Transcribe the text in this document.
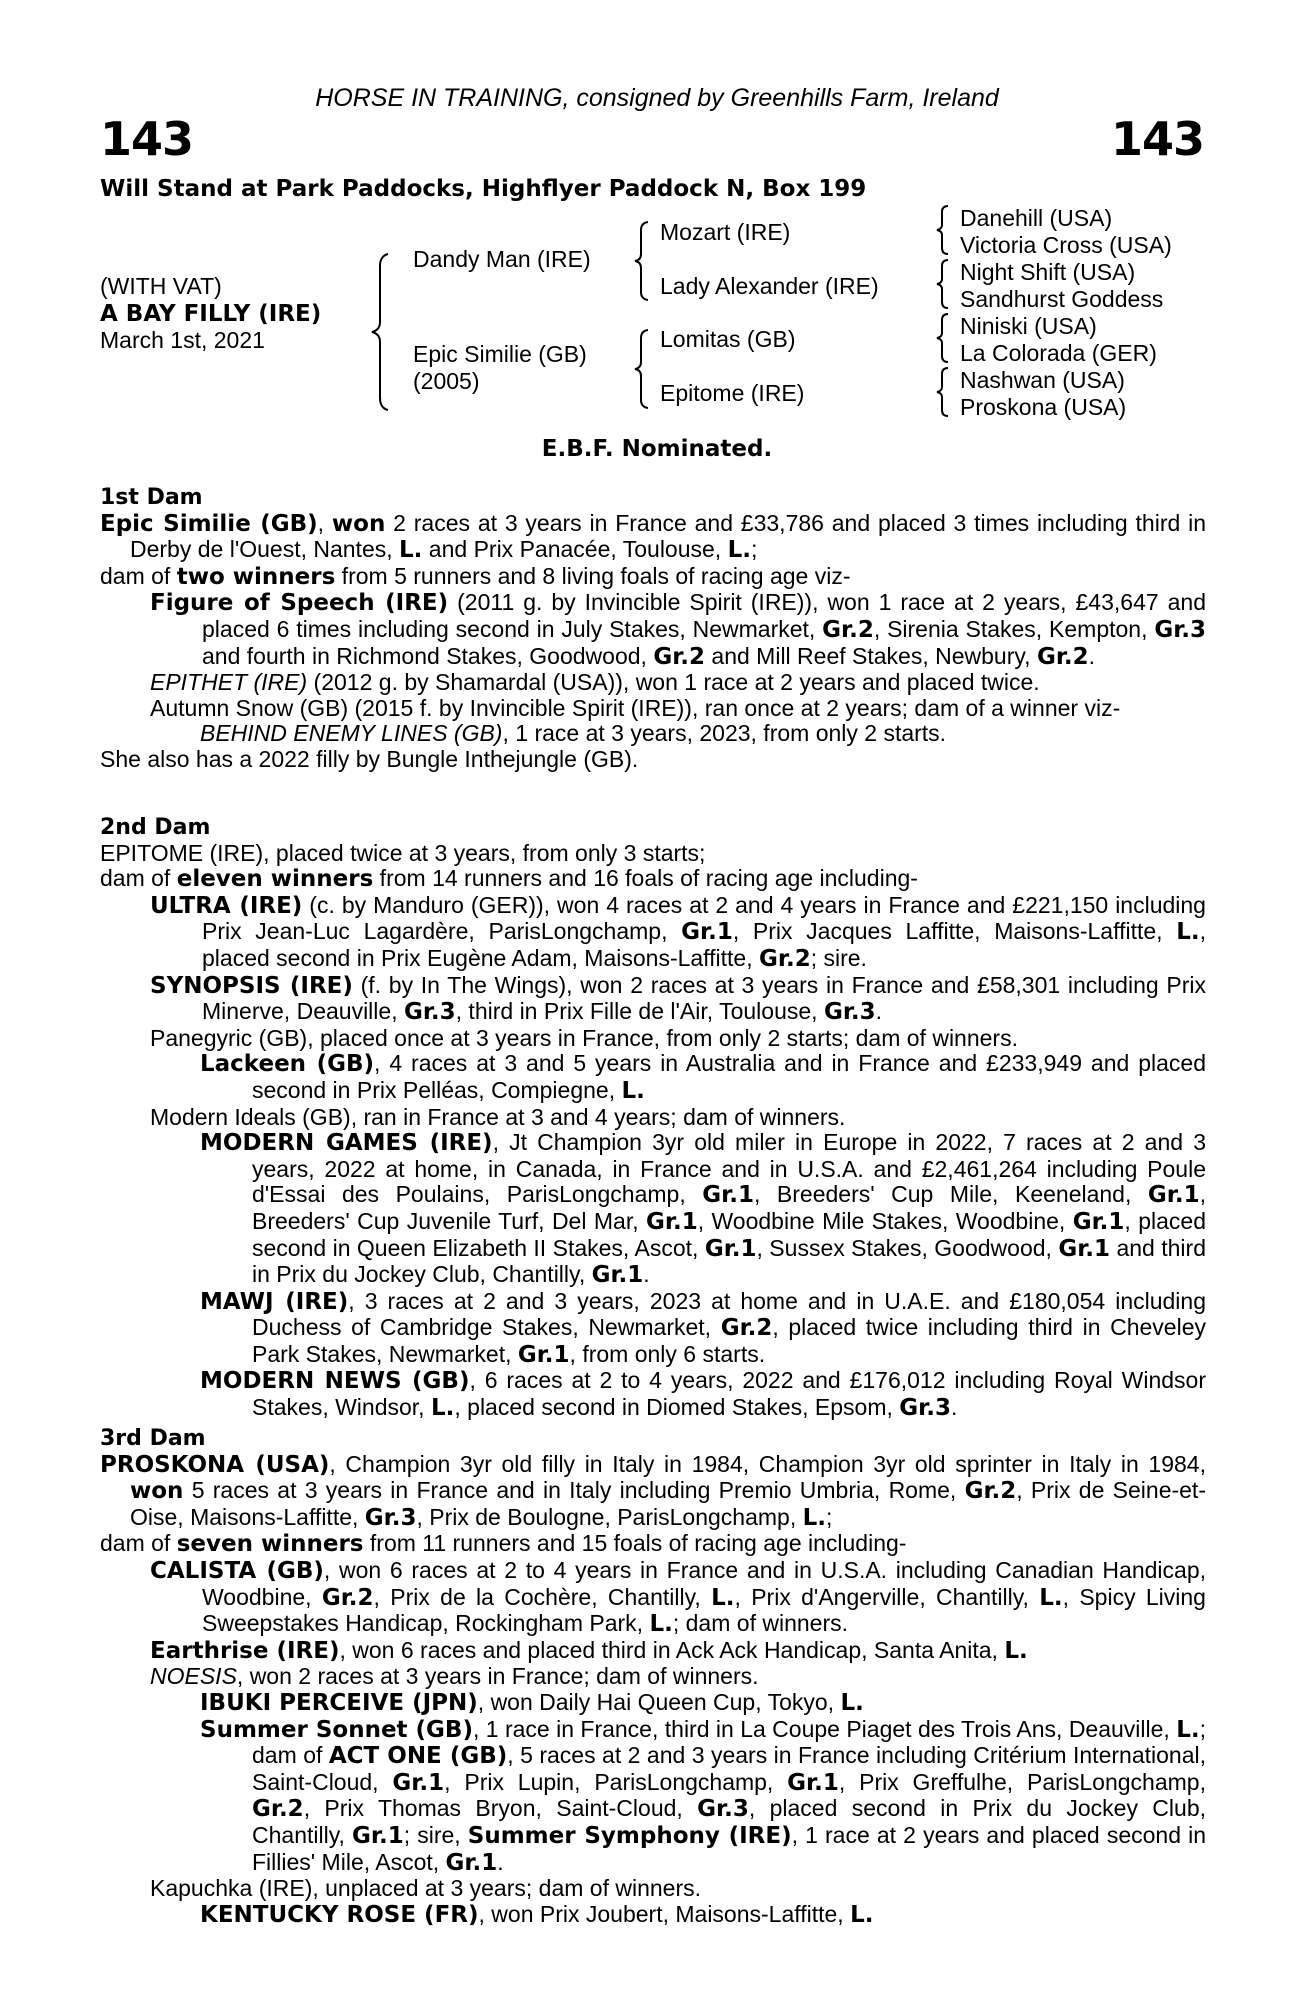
HORSE IN TRAINING, consigned by Greenhills Farm, Ireland
143	143
Will Stand at Park Paddocks, Highflyer Paddock N, Box 199
(WITH VAT)
A BAY FILLY (IRE)
March 1st, 2021
Dandy Man (IRE)
Epic Similie (GB)
(2005)
Mozart (IRE)
Lady Alexander (IRE)
Lomitas (GB)
Epitome (IRE)
Danehill (USA)
Victoria Cross (USA)
Night Shift (USA)
Sandhurst Goddess
Niniski (USA)
La Colorada (GER)
Nashwan (USA)
Proskona (USA)
E.B.F. Nominated.
1st Dam
Epic Similie (GB), won 2 races at 3 years in France and £33,786 and placed 3 times including third in Derby de l'Ouest, Nantes, L. and Prix Panacée, Toulouse, L.;
dam of two winners from 5 runners and 8 living foals of racing age viz-
Figure of Speech (IRE) (2011 g. by Invincible Spirit (IRE)), won 1 race at 2 years, £43,647 and placed 6 times including second in July Stakes, Newmarket, Gr.2, Sirenia Stakes, Kempton, Gr.3 and fourth in Richmond Stakes, Goodwood, Gr.2 and Mill Reef Stakes, Newbury, Gr.2.
EPITHET (IRE) (2012 g. by Shamardal (USA)), won 1 race at 2 years and placed twice.
Autumn Snow (GB) (2015 f. by Invincible Spirit (IRE)), ran once at 2 years; dam of a winner viz-
BEHIND ENEMY LINES (GB), 1 race at 3 years, 2023, from only 2 starts.
She also has a 2022 filly by Bungle Inthejungle (GB).
2nd Dam
EPITOME (IRE), placed twice at 3 years, from only 3 starts;
dam of eleven winners from 14 runners and 16 foals of racing age including-
ULTRA (IRE) (c. by Manduro (GER)), won 4 races at 2 and 4 years in France and £221,150 including Prix Jean-Luc Lagardère, ParisLongchamp, Gr.1, Prix Jacques Laffitte, Maisons-Laffitte, L., placed second in Prix Eugène Adam, Maisons-Laffitte, Gr.2; sire.
SYNOPSIS (IRE) (f. by In The Wings), won 2 races at 3 years in France and £58,301 including Prix Minerve, Deauville, Gr.3, third in Prix Fille de l'Air, Toulouse, Gr.3.
Panegyric (GB), placed once at 3 years in France, from only 2 starts; dam of winners.
Lackeen (GB), 4 races at 3 and 5 years in Australia and in France and £233,949 and placed second in Prix Pelléas, Compiegne, L.
Modern Ideals (GB), ran in France at 3 and 4 years; dam of winners.
MODERN GAMES (IRE), Jt Champion 3yr old miler in Europe in 2022, 7 races at 2 and 3 years, 2022 at home, in Canada, in France and in U.S.A. and £2,461,264 including Poule d'Essai des Poulains, ParisLongchamp, Gr.1, Breeders' Cup Mile, Keeneland, Gr.1, Breeders' Cup Juvenile Turf, Del Mar, Gr.1, Woodbine Mile Stakes, Woodbine, Gr.1, placed second in Queen Elizabeth II Stakes, Ascot, Gr.1, Sussex Stakes, Goodwood, Gr.1 and third in Prix du Jockey Club, Chantilly, Gr.1.
MAWJ (IRE), 3 races at 2 and 3 years, 2023 at home and in U.A.E. and £180,054 including Duchess of Cambridge Stakes, Newmarket, Gr.2, placed twice including third in Cheveley Park Stakes, Newmarket, Gr.1, from only 6 starts.
MODERN NEWS (GB), 6 races at 2 to 4 years, 2022 and £176,012 including Royal Windsor Stakes, Windsor, L., placed second in Diomed Stakes, Epsom, Gr.3.
3rd Dam
PROSKONA (USA), Champion 3yr old filly in Italy in 1984, Champion 3yr old sprinter in Italy in 1984, won 5 races at 3 years in France and in Italy including Premio Umbria, Rome, Gr.2, Prix de Seine-et-Oise, Maisons-Laffitte, Gr.3, Prix de Boulogne, ParisLongchamp, L.;
dam of seven winners from 11 runners and 15 foals of racing age including-
CALISTA (GB), won 6 races at 2 to 4 years in France and in U.S.A. including Canadian Handicap, Woodbine, Gr.2, Prix de la Cochère, Chantilly, L., Prix d'Angerville, Chantilly, L., Spicy Living Sweepstakes Handicap, Rockingham Park, L.; dam of winners.
Earthrise (IRE), won 6 races and placed third in Ack Ack Handicap, Santa Anita, L.
NOESIS, won 2 races at 3 years in France; dam of winners.
IBUKI PERCEIVE (JPN), won Daily Hai Queen Cup, Tokyo, L.
Summer Sonnet (GB), 1 race in France, third in La Coupe Piaget des Trois Ans, Deauville, L.; dam of ACT ONE (GB), 5 races at 2 and 3 years in France including Critérium International, Saint-Cloud, Gr.1, Prix Lupin, ParisLongchamp, Gr.1, Prix Greffulhe, ParisLongchamp, Gr.2, Prix Thomas Bryon, Saint-Cloud, Gr.3, placed second in Prix du Jockey Club, Chantilly, Gr.1; sire, Summer Symphony (IRE), 1 race at 2 years and placed second in Fillies' Mile, Ascot, Gr.1.
Kapuchka (IRE), unplaced at 3 years; dam of winners.
KENTUCKY ROSE (FR), won Prix Joubert, Maisons-Laffitte, L.
